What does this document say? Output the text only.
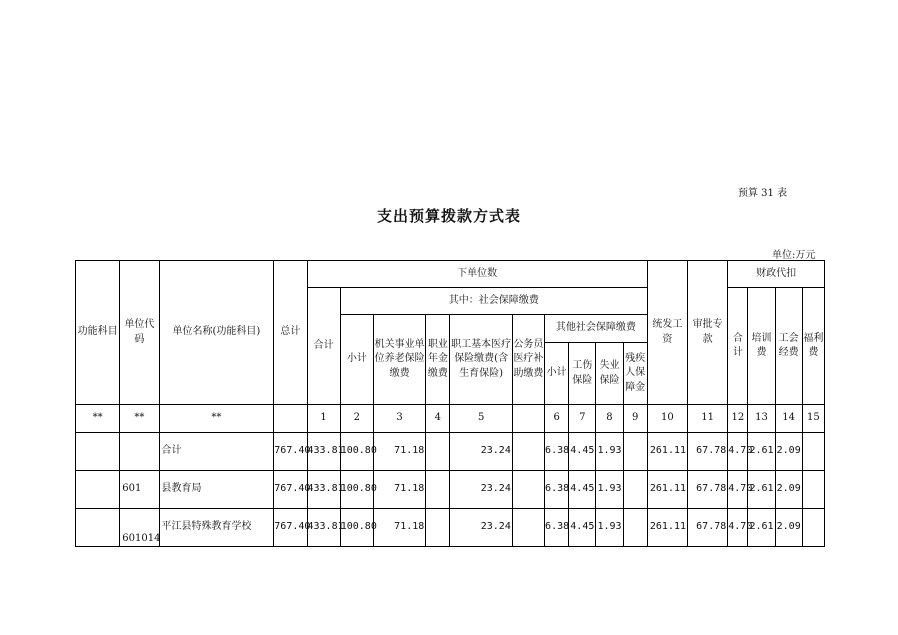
预算 31 表
支出预算拨款方式表
单位:万元
功能科目	单位代码	单位名称(功能科目)	总计	下单位数										统发工资	审批专款	财政代扣			
				合计	其中：社会保障缴费											合计	培训费	工会经费	福利费
					小计	机关事业单位养老保险缴费	职业年金缴费	职工基本医疗保险缴费(含生育保险)	公务员医疗补助缴费	其他社会保障缴费									
										小计	工伤保险	失业保险	残疾人保障金						
**	**	**		1	2	3	4	5		6	7	8	9	10	11	12	13	14	15
		合计	767.40	433.81	100.80	71.18		23.24		6.38	4.45	1.93		261.11	67.78	4.70	2.61	2.09	
	601	县教育局	767.40	433.81	100.80	71.18		23.24		6.38	4.45	1.93		261.11	67.78	4.70	2.61	2.09	
	601014	平江县特殊教育学校	767.40	433.81	100.80	71.18		23.24		6.38	4.45	1.93		261.11	67.78	4.70	2.61	2.09	
